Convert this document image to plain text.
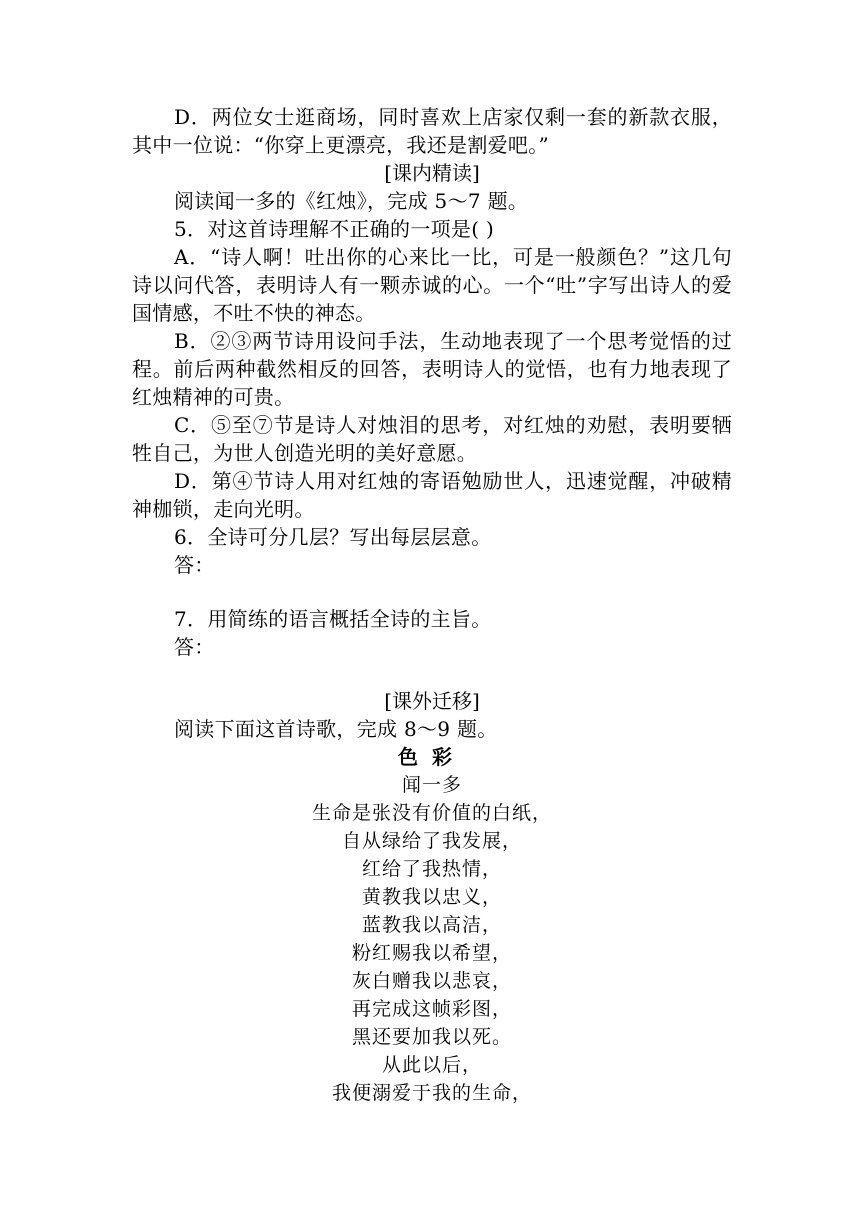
D．两位女士逛商场，同时喜欢上店家仅剩一套的新款衣服，其中一位说：“你穿上更漂亮，我还是割爱吧。”

[课内精读]

阅读闻一多的《红烛》，完成 5～7 题。

5．对这首诗理解不正确的一项是( )

A．“诗人啊！吐出你的心来比一比，可是一般颜色？”这几句诗以问代答，表明诗人有一颗赤诚的心。一个“吐”字写出诗人的爱国情感，不吐不快的神态。

B．②③两节诗用设问手法，生动地表现了一个思考觉悟的过程。前后两种截然相反的回答，表明诗人的觉悟，也有力地表现了红烛精神的可贵。

C．⑤至⑦节是诗人对烛泪的思考，对红烛的劝慰，表明要牺牲自己，为世人创造光明的美好意愿。

D．第④节诗人用对红烛的寄语勉励世人，迅速觉醒，冲破精神枷锁，走向光明。

6．全诗可分几层？写出每层层意。

答：

7．用简练的语言概括全诗的主旨。

答：

[课外迁移]

阅读下面这首诗歌，完成 8～9 题。

色彩

闻一多

生命是张没有价值的白纸，

自从绿给了我发展，

红给了我热情，

黄教我以忠义，

蓝教我以高洁，

粉红赐我以希望，

灰白赠我以悲哀，

再完成这帧彩图，

黑还要加我以死。

从此以后，

我便溺爱于我的生命，
